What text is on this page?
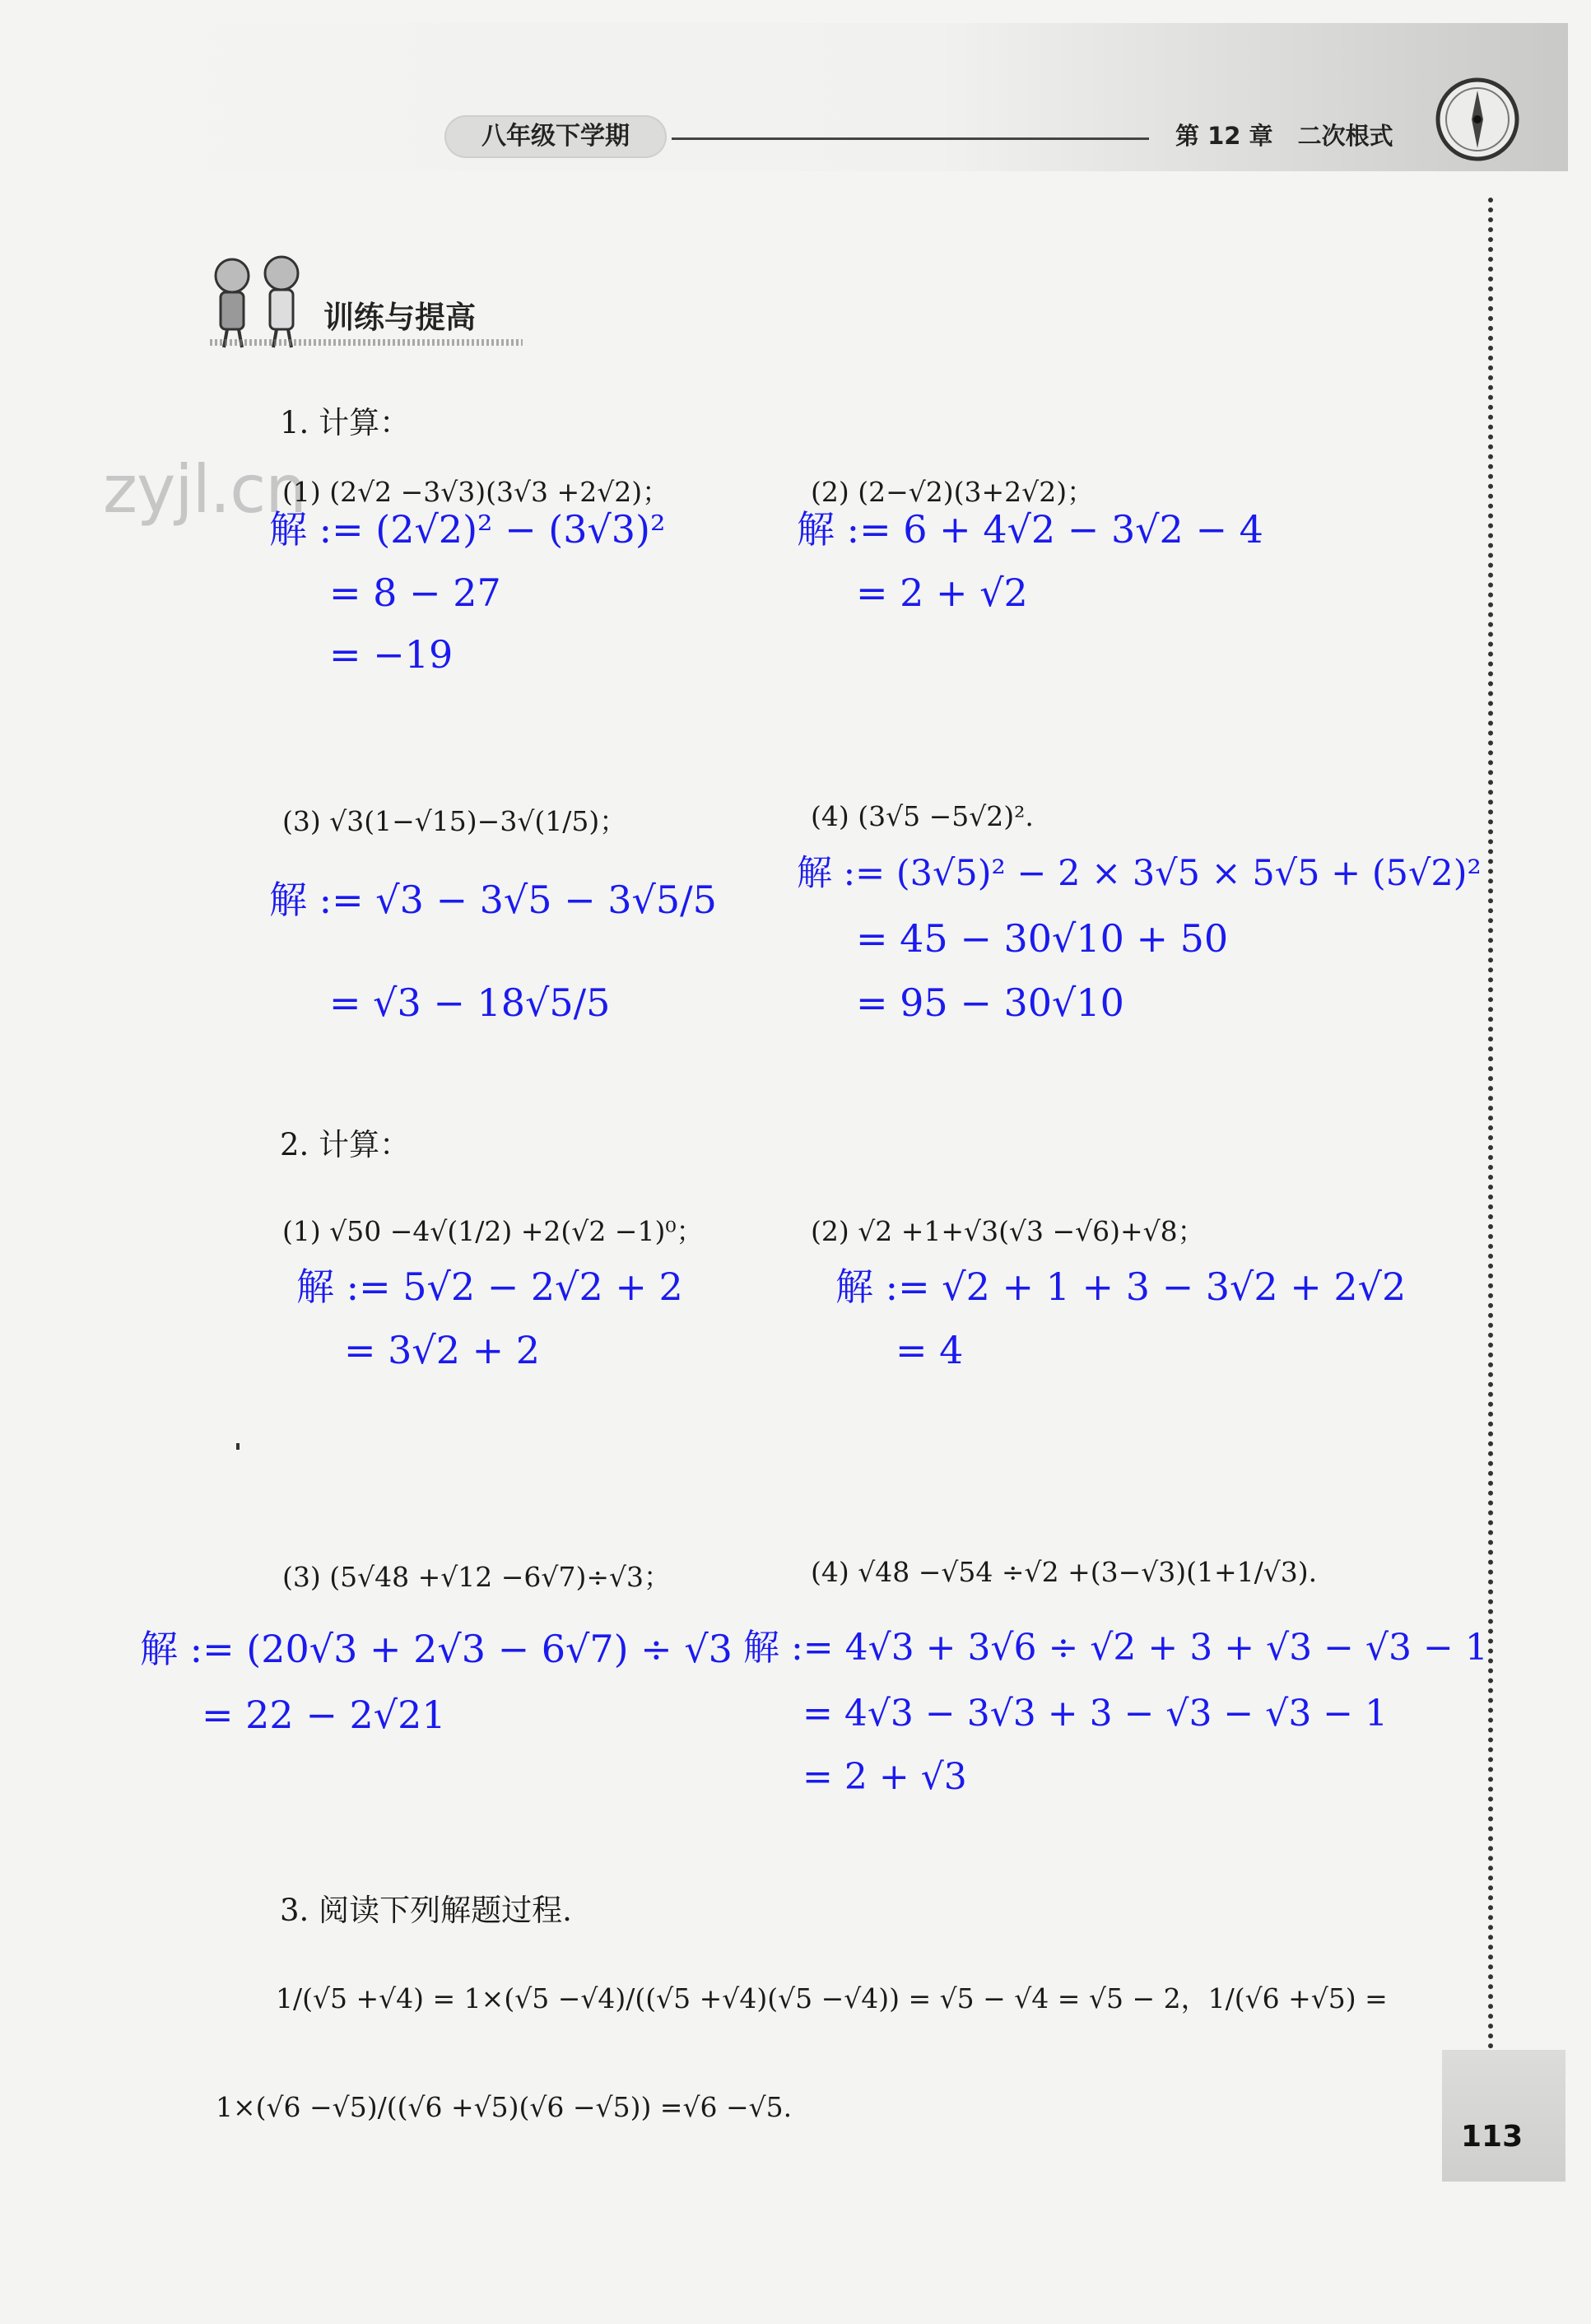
八年级下学期	第 12 章 二次根式
训练与提高
zyjl.cn
1. 计算：
(1) (2√2 −3√3)(3√3 +2√2)；	(2) (2−√2)(3+2√2)；
解 := (2√2)² − (3√3)²
= 8 − 27
= −19
解 := 6 + 4√2 − 3√2 − 4
= 2 + √2
(3) √3(1−√15)−3√(1/5)；	(4) (3√5 −5√2)².
解 := √3 − 3√5 − 3√5/5
= √3 − 18√5/5
解 := (3√5)² − 2 × 3√5 × 5√5 + (5√2)²
= 45 − 30√10 + 50
= 95 − 30√10
2. 计算：
(1) √50 −4√(1/2) +2(√2 −1)⁰；	(2) √2 +1+√3(√3 −√6)+√8；
解 := 5√2 − 2√2 + 2
= 3√2 + 2
解 := √2 + 1 + 3 − 3√2 + 2√2
= 4
(3) (5√48 +√12 −6√7)÷√3；	(4) √48 −√54 ÷√2 +(3−√3)(1+1/√3).
解 := (20√3 + 2√3 − 6√7) ÷ √3
= 22 − 2√21
解 := 4√3 + 3√6 ÷ √2 + 3 + √3 − √3 − 1
= 4√3 − 3√3 + 3 − √3 − √3 − 1
= 2 + √3
3. 阅读下列解题过程.
1/(√5 +√4) = 1×(√5 −√4)/((√5 +√4)(√5 −√4)) = √5 − √4 = √5 − 2，1/(√6 +√5) =
1×(√6 −√5)/((√6 +√5)(√6 −√5)) =√6 −√5.
113
